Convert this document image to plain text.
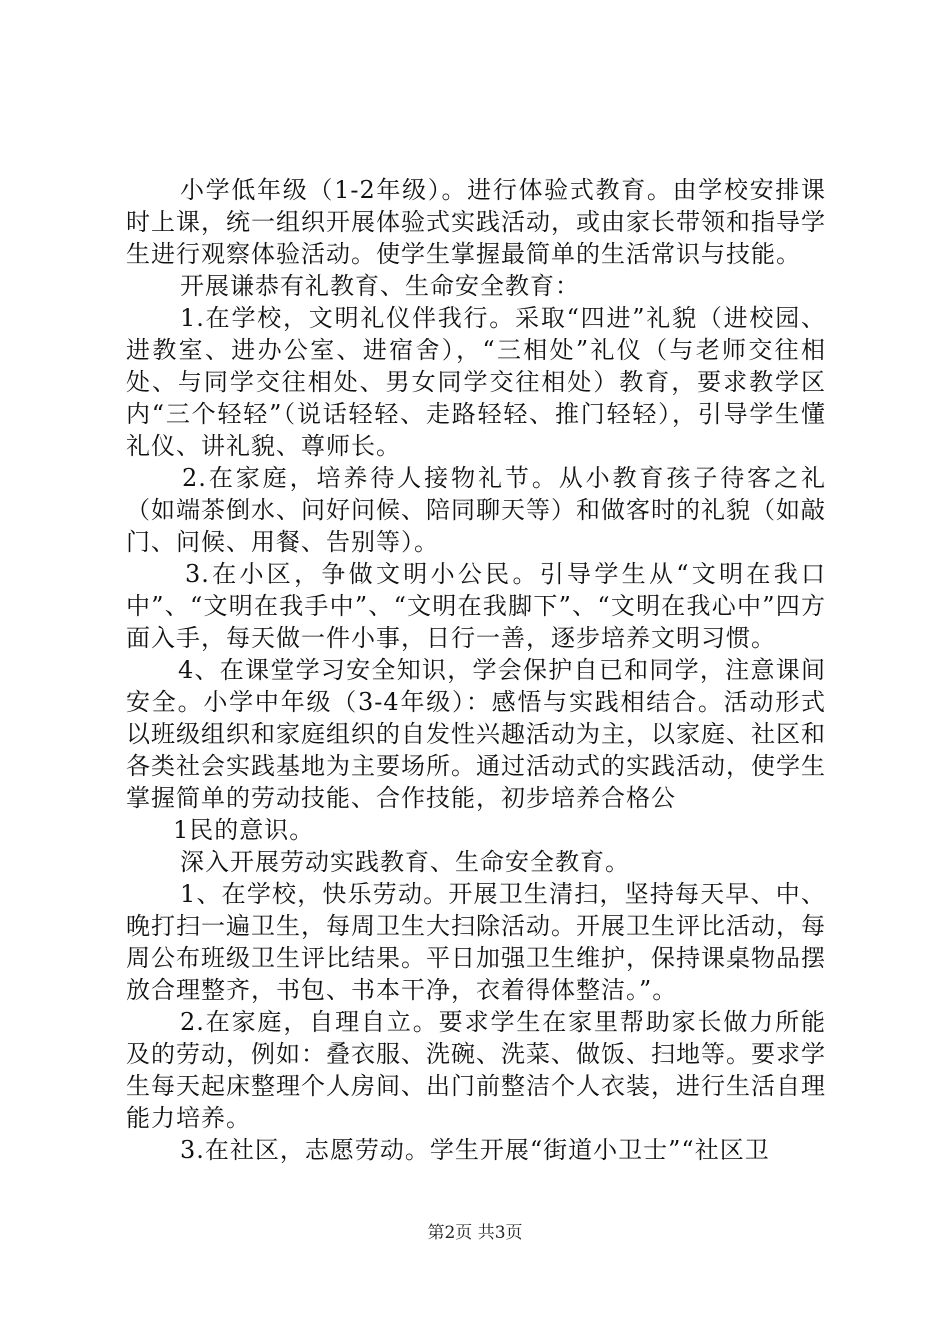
小学低年级（1-2年级）。进行体验式教育。由学校安排课时上课，统一组织开展体验式实践活动，或由家长带领和指导学生进行观察体验活动。使学生掌握最简单的生活常识与技能。

开展谦恭有礼教育、生命安全教育：

1.在学校，文明礼仪伴我行。采取“四进”礼貌（进校园、进教室、进办公室、进宿舍），“三相处”礼仪（与老师交往相处、与同学交往相处、男女同学交往相处）教育，要求教学区内“三个轻轻”（说话轻轻、走路轻轻、推门轻轻），引导学生懂礼仪、讲礼貌、尊师长。

2.在家庭，培养待人接物礼节。从小教育孩子待客之礼（如端茶倒水、问好问候、陪同聊天等）和做客时的礼貌（如敲门、问候、用餐、告别等）。

3.在小区，争做文明小公民。引导学生从“文明在我口中”、“文明在我手中”、“文明在我脚下”、“文明在我心中”四方面入手，每天做一件小事，日行一善，逐步培养文明习惯。

4、在课堂学习安全知识，学会保护自已和同学，注意课间安全。小学中年级（3-4年级）：感悟与实践相结合。活动形式以班级组织和家庭组织的自发性兴趣活动为主，以家庭、社区和各类社会实践基地为主要场所。通过活动式的实践活动，使学生掌握简单的劳动技能、合作技能，初步培养合格公

1民的意识。

深入开展劳动实践教育、生命安全教育。

1、在学校，快乐劳动。开展卫生清扫，坚持每天早、中、晚打扫一遍卫生，每周卫生大扫除活动。开展卫生评比活动，每周公布班级卫生评比结果。平日加强卫生维护，保持课桌物品摆放合理整齐，书包、书本干净，衣着得体整洁。”。

2.在家庭，自理自立。要求学生在家里帮助家长做力所能及的劳动，例如：叠衣服、洗碗、洗菜、做饭、扫地等。要求学生每天起床整理个人房间、出门前整洁个人衣装，进行生活自理能力培养。

3.在社区，志愿劳动。学生开展“街道小卫士”“社区卫

第2页 共3页
